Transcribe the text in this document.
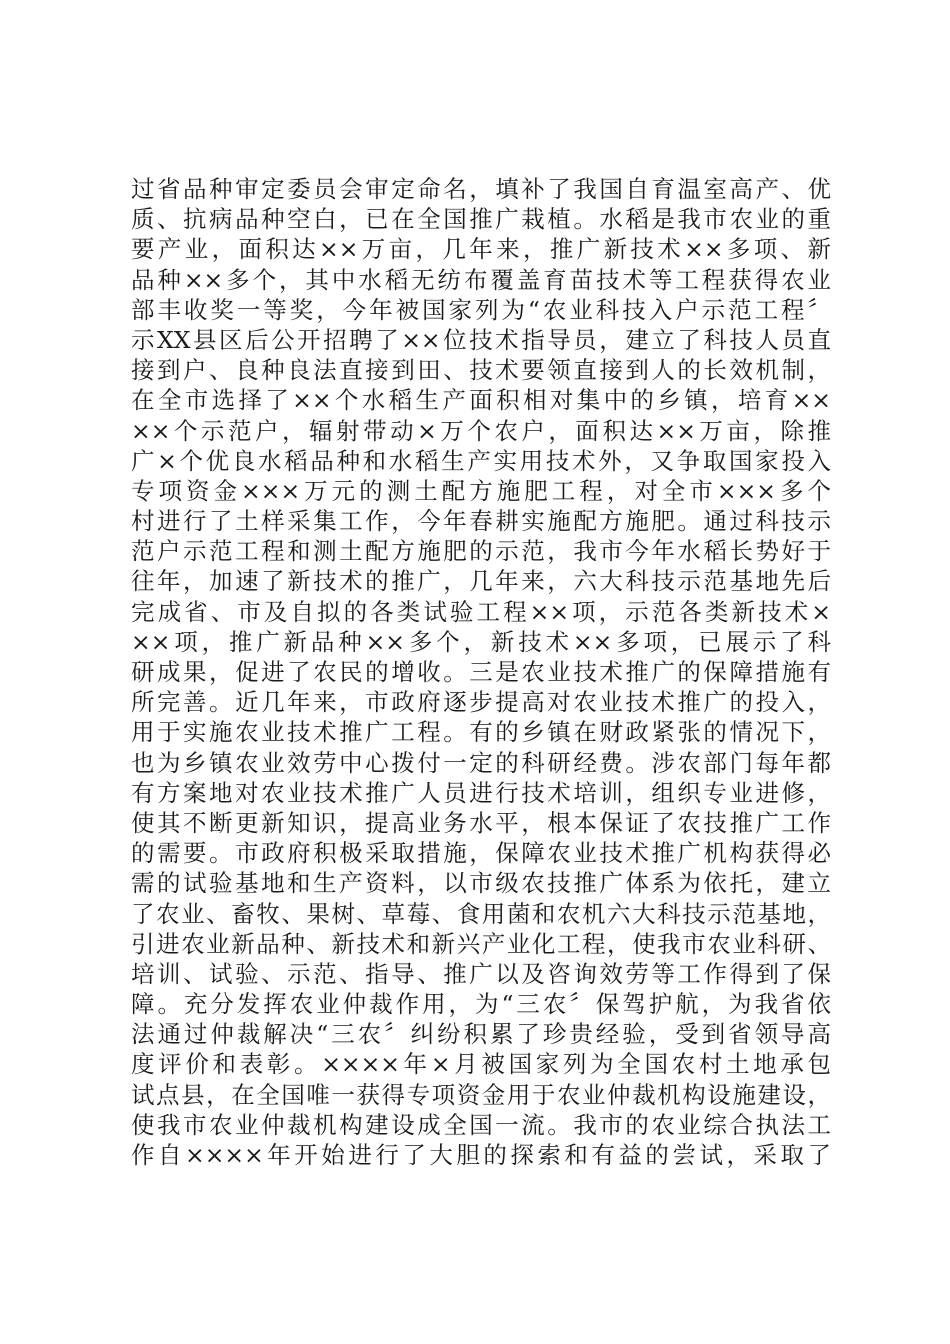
过省品种审定委员会审定命名，填补了我国自育温室高产、优
质、抗病品种空白，已在全国推广栽植。水稻是我市农业的重
要产业，面积达××万亩，几年来，推广新技术××多项、新
品种××多个，其中水稻无纺布覆盖育苗技术等工程获得农业
部丰收奖一等奖，今年被国家列为“农业科技入户示范工程〞
示XX县区后公开招聘了××位技术指导员，建立了科技人员直
接到户、良种良法直接到田、技术要领直接到人的长效机制，
在全市选择了××个水稻生产面积相对集中的乡镇，培育××
××个示范户，辐射带动×万个农户，面积达××万亩，除推
广×个优良水稻品种和水稻生产实用技术外，又争取国家投入
专项资金×××万元的测土配方施肥工程，对全市×××多个
村进行了土样采集工作，今年春耕实施配方施肥。通过科技示
范户示范工程和测土配方施肥的示范，我市今年水稻长势好于
往年，加速了新技术的推广，几年来，六大科技示范基地先后
完成省、市及自拟的各类试验工程××项，示范各类新技术×
××项，推广新品种××多个，新技术××多项，已展示了科
研成果，促进了农民的增收。三是农业技术推广的保障措施有
所完善。近几年来，市政府逐步提高对农业技术推广的投入，
用于实施农业技术推广工程。有的乡镇在财政紧张的情况下，
也为乡镇农业效劳中心拨付一定的科研经费。涉农部门每年都
有方案地对农业技术推广人员进行技术培训，组织专业进修，
使其不断更新知识，提高业务水平，根本保证了农技推广工作
的需要。市政府积极采取措施，保障农业技术推广机构获得必
需的试验基地和生产资料，以市级农技推广体系为依托，建立
了农业、畜牧、果树、草莓、食用菌和农机六大科技示范基地，
引进农业新品种、新技术和新兴产业化工程，使我市农业科研、
培训、试验、示范、指导、推广以及咨询效劳等工作得到了保
障。充分发挥农业仲裁作用，为“三农〞保驾护航，为我省依
法通过仲裁解决“三农〞纠纷积累了珍贵经验，受到省领导高
度评价和表彰。××××年×月被国家列为全国农村土地承包
试点县，在全国唯一获得专项资金用于农业仲裁机构设施建设，
使我市农业仲裁机构建设成全国一流。我市的农业综合执法工
作自××××年开始进行了大胆的探索和有益的尝试，采取了
